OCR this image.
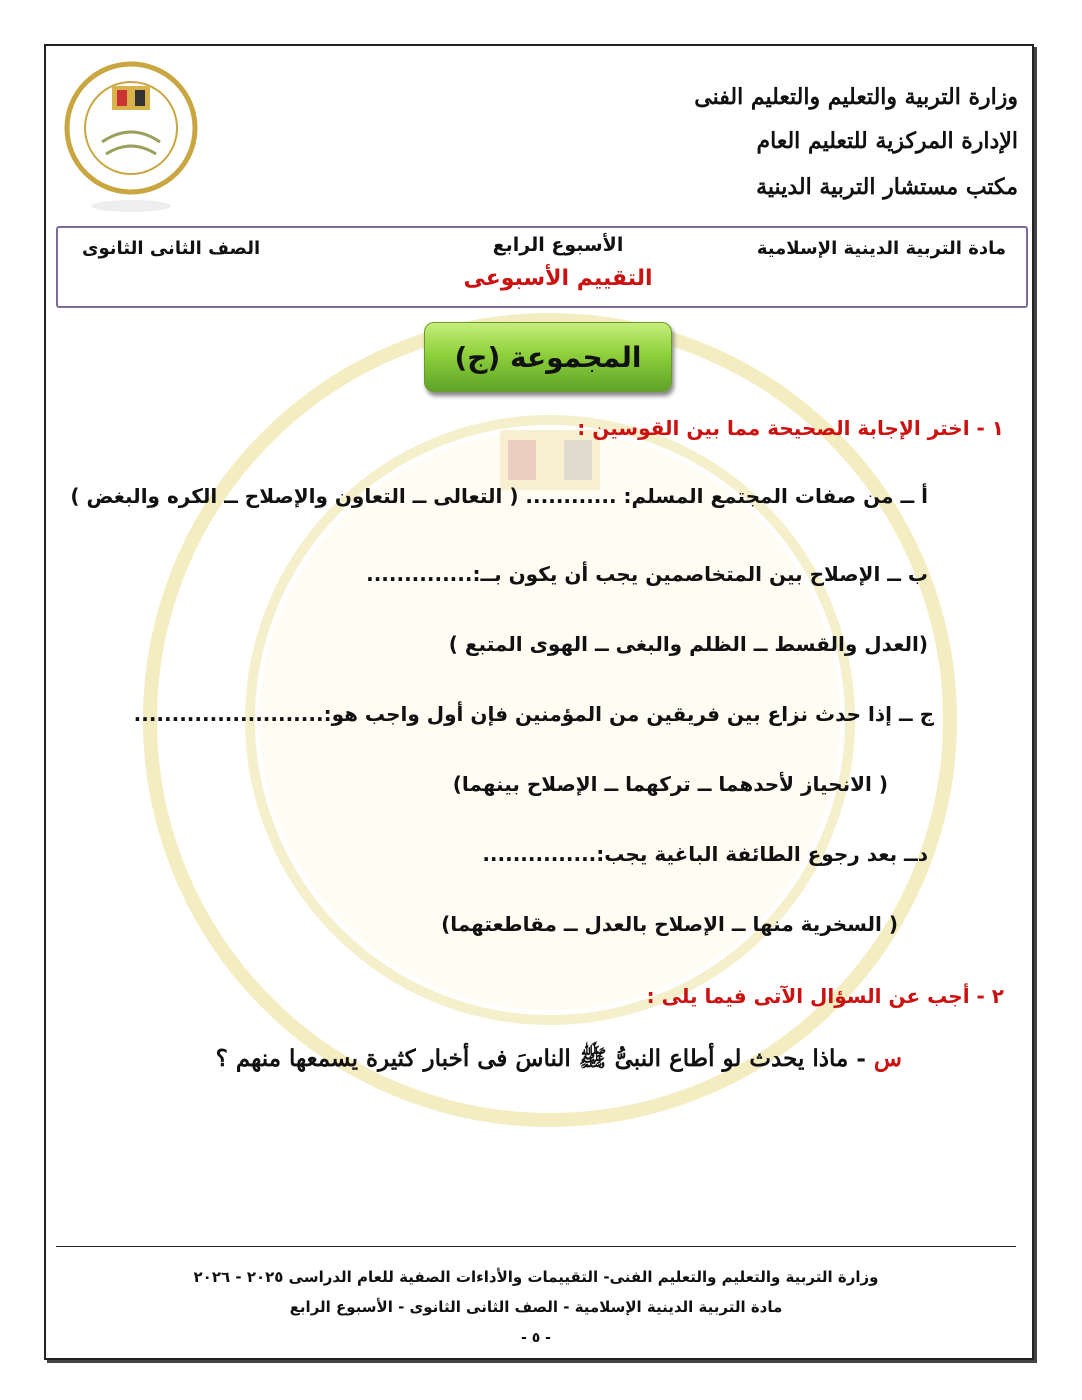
وزارة التربية والتعليم والتعليم الفنى

الإدارة المركزية للتعليم العام

مكتب مستشار التربية الدينية

مادة التربية الدينية الإسلامية
الأسبوع الرابع
التقييم الأسبوعى
الصف الثانى الثانوى
المجموعة (ج)
١ - اختر الإجابة الصحيحة مما بين القوسين :
أ ــ من صفات المجتمع المسلم: ............ ( التعالى ــ التعاون والإصلاح ــ الكره والبغض )
ب ــ الإصلاح بين المتخاصمين يجب أن يكون بــ:..............
(العدل والقسط ــ الظلم والبغى ــ الهوى المتبع )
ج ــ إذا حدث نزاع بين فريقين من المؤمنين فإن أول واجب هو:.........................
( الانحياز لأحدهما ــ تركهما ــ الإصلاح بينهما)
دــ بعد رجوع الطائفة الباغية يجب:...............
( السخرية منها ــ الإصلاح بالعدل ــ مقاطعتهما)
٢ - أجب عن السؤال الآتى فيما يلى :
س - ماذا يحدث لو أطاع النبىُّ ﷺ الناسَ فى أخبار كثيرة يسمعها منهم ؟
وزارة التربية والتعليم والتعليم الفنى- التقييمات والأداءات الصفية للعام الدراسى ٢٠٢٥ - ٢٠٢٦
مادة التربية الدينية الإسلامية - الصف الثانى الثانوى - الأسبوع الرابع
- ٥ -
